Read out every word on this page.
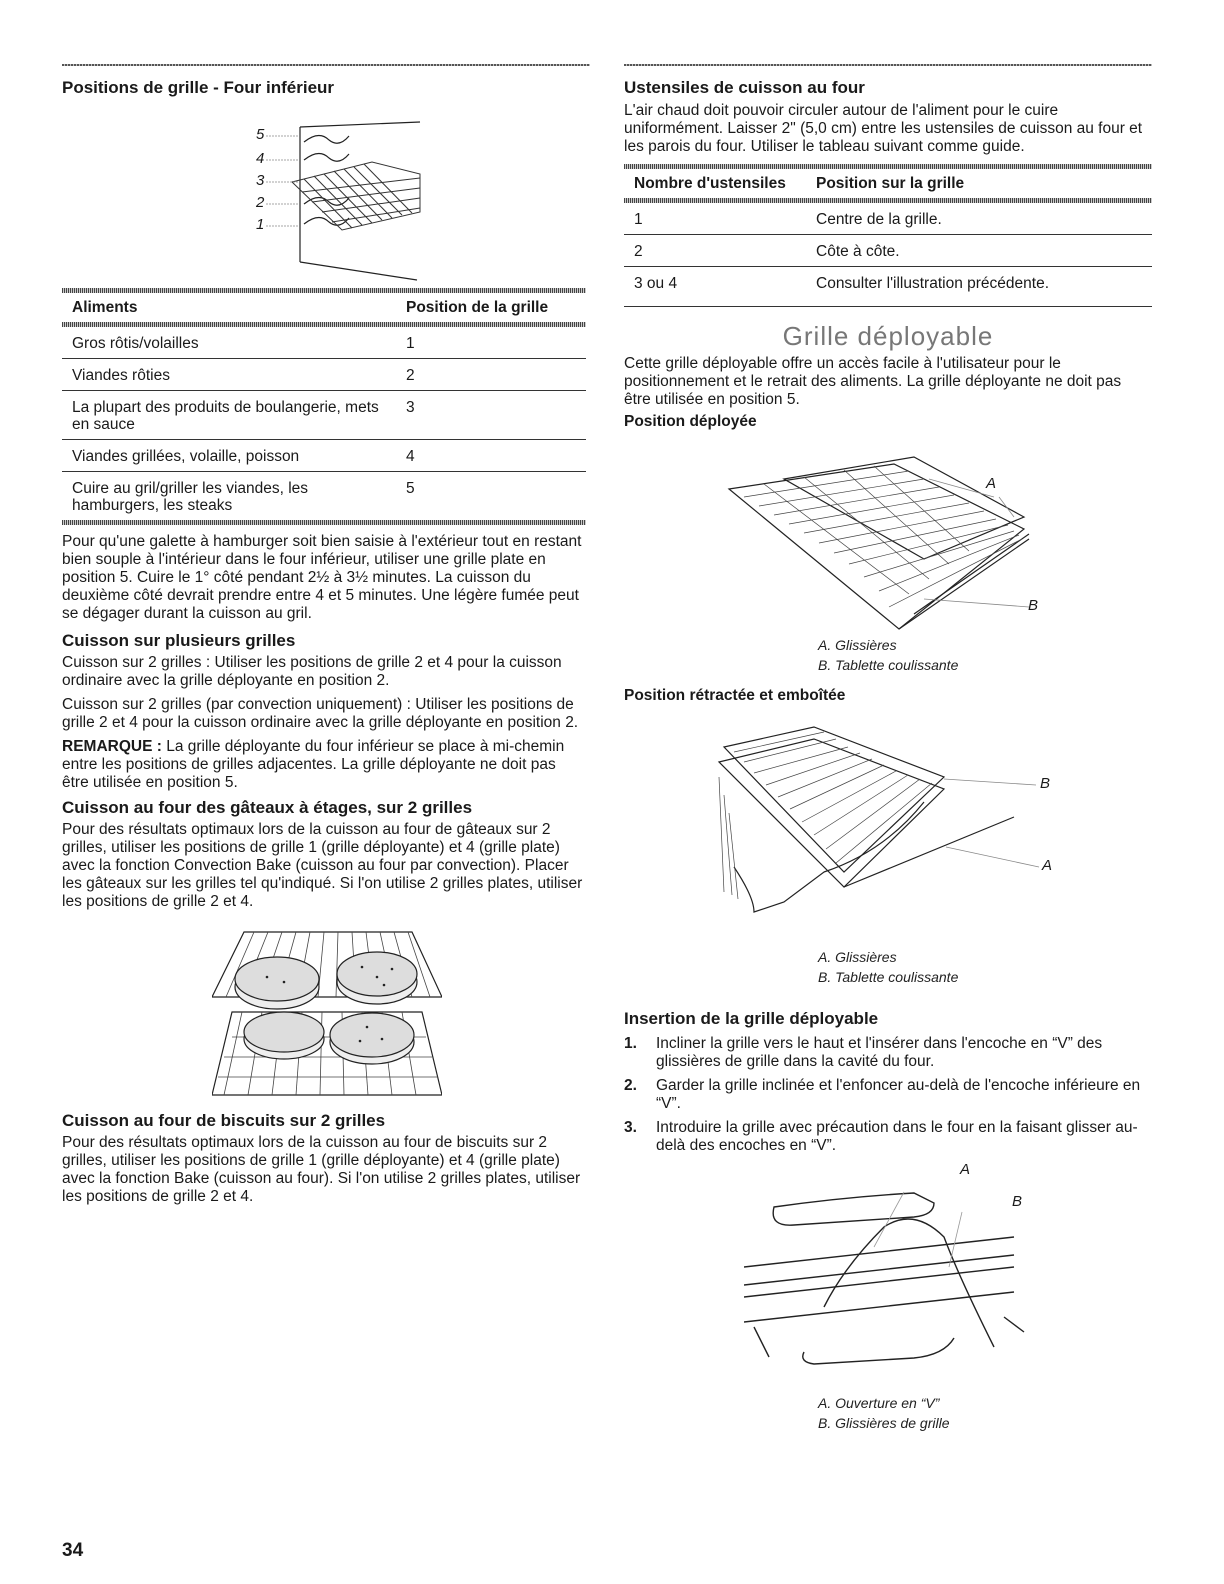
Positions de grille - Four inférieur
5
4
3
2
1
Aliments	Position de la grille
Gros rôtis/volailles	1
Viandes rôties	2
La plupart des produits de boulangerie, mets en sauce	3
Viandes grillées, volaille, poisson	4
Cuire au gril/griller les viandes, les hamburgers, les steaks	5

Pour qu'une galette à hamburger soit bien saisie à l'extérieur tout en restant bien souple à l'intérieur dans le four inférieur, utiliser une grille plate en position 5. Cuire le 1° côté pendant 2½ à 3½ minutes. La cuisson du deuxième côté devrait prendre entre 4 et 5 minutes. Une légère fumée peut se dégager durant la cuisson au gril.

Cuisson sur plusieurs grilles

Cuisson sur 2 grilles : Utiliser les positions de grille 2 et 4 pour la cuisson ordinaire avec la grille déployante en position 2.

Cuisson sur 2 grilles (par convection uniquement) : Utiliser les positions de grille 2 et 4 pour la cuisson ordinaire avec la grille déployante en position 2.

REMARQUE : La grille déployante du four inférieur se place à mi-chemin entre les positions de grilles adjacentes. La grille déployante ne doit pas être utilisée en position 5.

Cuisson au four des gâteaux à étages, sur 2 grilles

Pour des résultats optimaux lors de la cuisson au four de gâteaux sur 2 grilles, utiliser les positions de grille 1 (grille déployante) et 4 (grille plate) avec la fonction Convection Bake (cuisson au four par convection). Placer les gâteaux sur les grilles tel qu'indiqué. Si l'on utilise 2 grilles plates, utiliser les positions de grille 2 et 4.

Cuisson au four de biscuits sur 2 grilles

Pour des résultats optimaux lors de la cuisson au four de biscuits sur 2 grilles, utiliser les positions de grille 1 (grille déployante) et 4 (grille plate) avec la fonction Bake (cuisson au four). Si l'on utilise 2 grilles plates, utiliser les positions de grille 2 et 4.

Ustensiles de cuisson au four

L'air chaud doit pouvoir circuler autour de l'aliment pour le cuire uniformément. Laisser 2" (5,0 cm) entre les ustensiles de cuisson au four et les parois du four. Utiliser le tableau suivant comme guide.

Nombre d'ustensiles	Position sur la grille
1	Centre de la grille.
2	Côte à côte.
3 ou 4	Consulter l'illustration précédente.
Grille déployable

Cette grille déployable offre un accès facile à l'utilisateur pour le positionnement et le retrait des aliments. La grille déployante ne doit pas être utilisée en position 5.

Position déployée
A
B
A. Glissières
B. Tablette coulissante
Position rétractée et emboîtée
B
A
A. Glissières
B. Tablette coulissante
Insertion de la grille déployable
1. Incliner la grille vers le haut et l'insérer dans l'encoche en “V” des glissières de grille dans la cavité du four.
2. Garder la grille inclinée et l'enfoncer au-delà de l'encoche inférieure en “V”.
3. Introduire la grille avec précaution dans le four en la faisant glisser au-delà des encoches en “V”.
A
B
A. Ouverture en “V”
B. Glissières de grille
34
